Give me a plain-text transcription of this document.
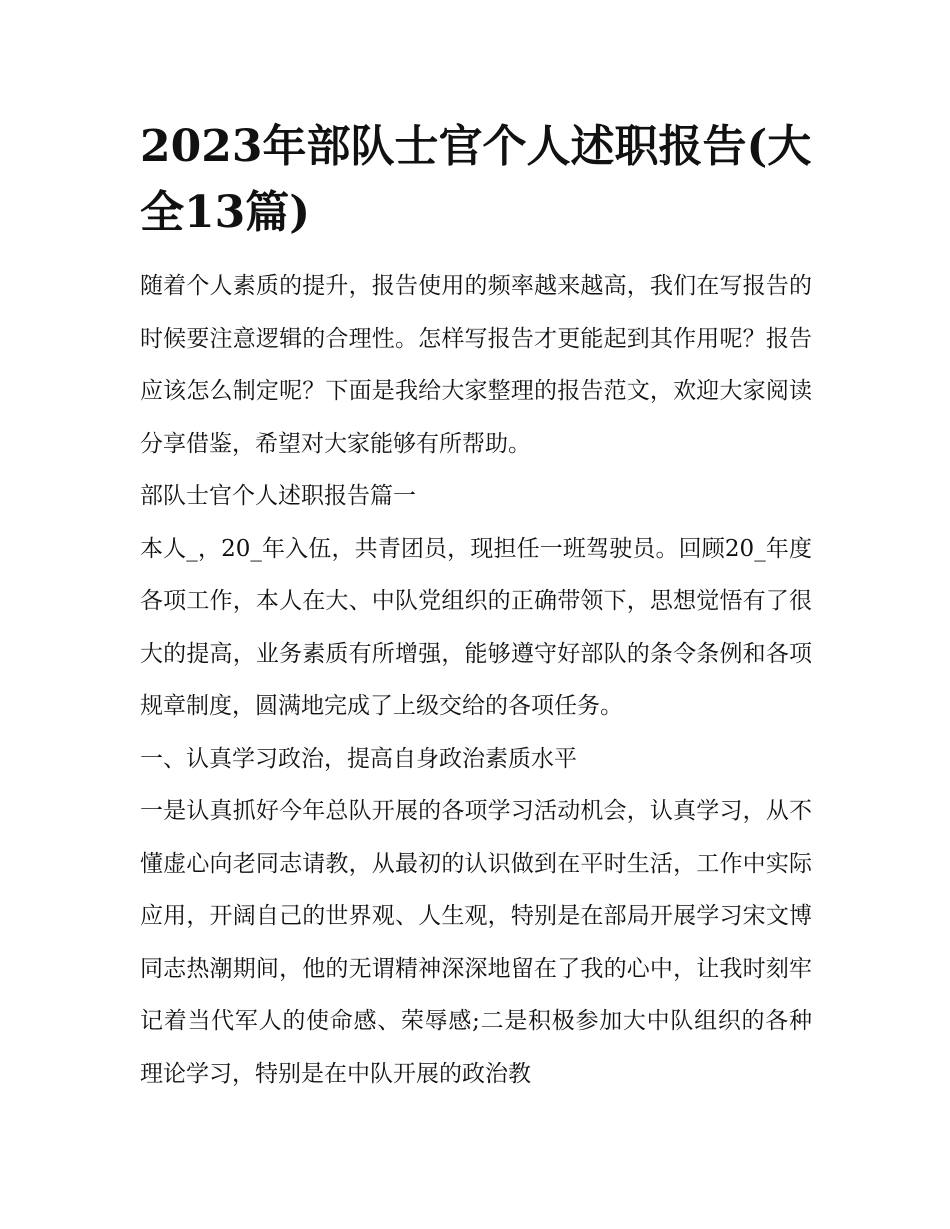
2023年部队士官个人述职报告(大全13篇)

随着个人素质的提升，报告使用的频率越来越高，我们在写报告的时候要注意逻辑的合理性。怎样写报告才更能起到其作用呢？报告应该怎么制定呢？下面是我给大家整理的报告范文，欢迎大家阅读分享借鉴，希望对大家能够有所帮助。

部队士官个人述职报告篇一

本人_，20_年入伍，共青团员，现担任一班驾驶员。回顾20_年度各项工作，本人在大、中队党组织的正确带领下，思想觉悟有了很大的提高，业务素质有所增强，能够遵守好部队的条令条例和各项规章制度，圆满地完成了上级交给的各项任务。

一、认真学习政治，提高自身政治素质水平

一是认真抓好今年总队开展的各项学习活动机会，认真学习，从不懂虚心向老同志请教，从最初的认识做到在平时生活，工作中实际应用，开阔自己的世界观、人生观，特别是在部局开展学习宋文博同志热潮期间，他的无谓精神深深地留在了我的心中，让我时刻牢记着当代军人的使命感、荣辱感;二是积极参加大中队组织的各种理论学习，特别是在中队开展的政治教
